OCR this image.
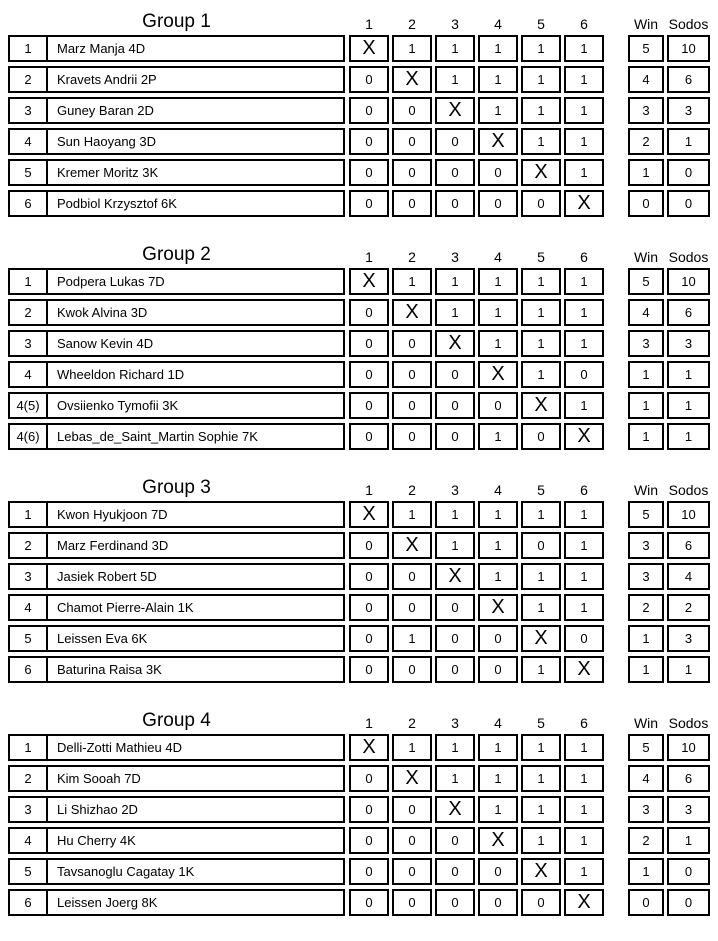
Group 1	1	2	3	4	5	6	Win Sodos
1	Marz Manja 4D	X	1	1	1	1	1	5	10
2	Kravets Andrii 2P	0	X	1	1	1	1	4	6
3	Guney Baran 2D	0	0	X	1	1	1	3	3
4	Sun Haoyang 3D	0	0	0	X	1	1	2	1
5	Kremer Moritz 3K	0	0	0	0	X	1	1	0
6	Podbiol Krzysztof 6K	0	0	0	0	0	X	0	0
Group 2	1	2	3	4	5	6	Win Sodos
1	Podpera Lukas 7D	X	1	1	1	1	1	5	10
2	Kwok Alvina 3D	0	X	1	1	1	1	4	6
3	Sanow Kevin 4D	0	0	X	1	1	1	3	3
4	Wheeldon Richard 1D	0	0	0	X	1	0	1	1
4(5)	Ovsiienko Tymofii 3K	0	0	0	0	X	1	1	1
4(6)	Lebas_de_Saint_Martin Sophie 7K	0	0	0	1	0	X	1	1
Group 3	1	2	3	4	5	6	Win Sodos
1	Kwon Hyukjoon 7D	X	1	1	1	1	1	5	10
2	Marz Ferdinand 3D	0	X	1	1	0	1	3	6
3	Jasiek Robert 5D	0	0	X	1	1	1	3	4
4	Chamot Pierre-Alain 1K	0	0	0	X	1	1	2	2
5	Leissen Eva 6K	0	1	0	0	X	0	1	3
6	Baturina Raisa 3K	0	0	0	0	1	X	1	1
Group 4	1	2	3	4	5	6	Win Sodos
1	Delli-Zotti Mathieu 4D	X	1	1	1	1	1	5	10
2	Kim Sooah 7D	0	X	1	1	1	1	4	6
3	Li Shizhao 2D	0	0	X	1	1	1	3	3
4	Hu Cherry 4K	0	0	0	X	1	1	2	1
5	Tavsanoglu Cagatay 1K	0	0	0	0	X	1	1	0
6	Leissen Joerg 8K	0	0	0	0	0	X	0	0
